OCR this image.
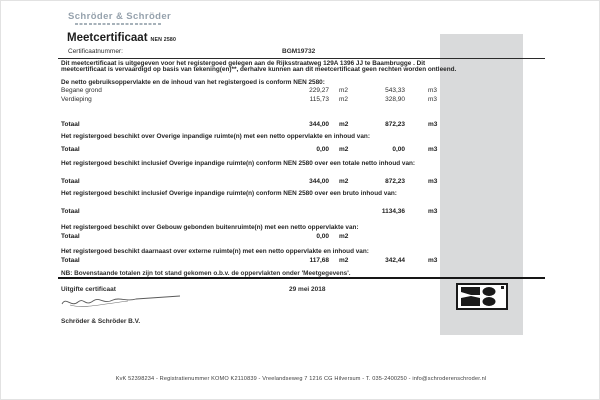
Schröder & Schröder
Meetcertificaat NEN 2580
Certificaatnummer:	BGM19732

Dit meetcertificaat is uitgegeven voor het registergoed gelegen aan de Rijksstraatweg 129A 1396 JJ te Baambrugge . Dit meetcertificaat is vervaardigd op basis van tekening(en)**, derhalve kunnen aan dit meetcertificaat geen rechten worden ontleend.

De netto gebruiksoppervlakte en de inhoud van het registergoed is conform NEN 2580:

Begane grond	229,27 m2	543,33	m3
Verdieping	115,73 m2	328,90	m3
Totaal	344,00 m2	872,23	m3

Het registergoed beschikt over Overige inpandige ruimte(n) met een netto oppervlakte en inhoud van:

Totaal	0,00 m2	0,00	m3

Het registergoed beschikt inclusief Overige inpandige ruimte(n) conform NEN 2580 over een totale netto inhoud van:

Totaal	344,00 m2	872,23	m3

Het registergoed beschikt inclusief Overige inpandige ruimte(n) conform NEN 2580 over een bruto inhoud van:

Totaal	1134,36	m3

Het registergoed beschikt over Gebouw gebonden buitenruimte(n) met een netto oppervlakte van:

Totaal	0,00 m2

Het registergoed beschikt daarnaast over externe ruimte(n) met een netto oppervlakte en inhoud van:

Totaal	117,68 m2	342,44	m3
NB: Bovenstaande totalen zijn tot stand gekomen o.b.v. de oppervlakten onder 'Meetgegevens'.
Uitgifte certificaat	29 mei 2018
Schröder & Schröder B.V.
KvK 52398234 - Registratienummer KOMO K2110839 - Vreelandseweg 7 1216 CG Hilversum - T. 035-2400250 - info@schroderenschroder.nl
